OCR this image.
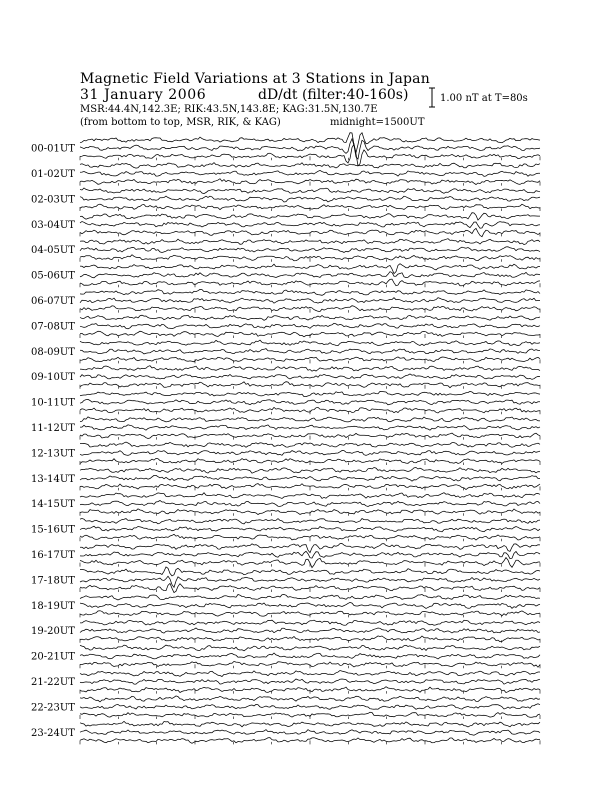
Magnetic Field Variations at 3 Stations in Japan
31 January 2006	dD/dt (filter:40-160s)
MSR:44.4N,142.3E; RIK:43.5N,143.8E; KAG:31.5N,130.7E
(from bottom to top, MSR, RIK, & KAG)	midnight=1500UT
1.00 nT at T=80s
00-01UT
01-02UT
02-03UT
03-04UT
04-05UT
05-06UT
06-07UT
07-08UT
08-09UT
09-10UT
10-11UT
11-12UT
12-13UT
13-14UT
14-15UT
15-16UT
16-17UT
17-18UT
18-19UT
19-20UT
20-21UT
21-22UT
22-23UT
23-24UT
